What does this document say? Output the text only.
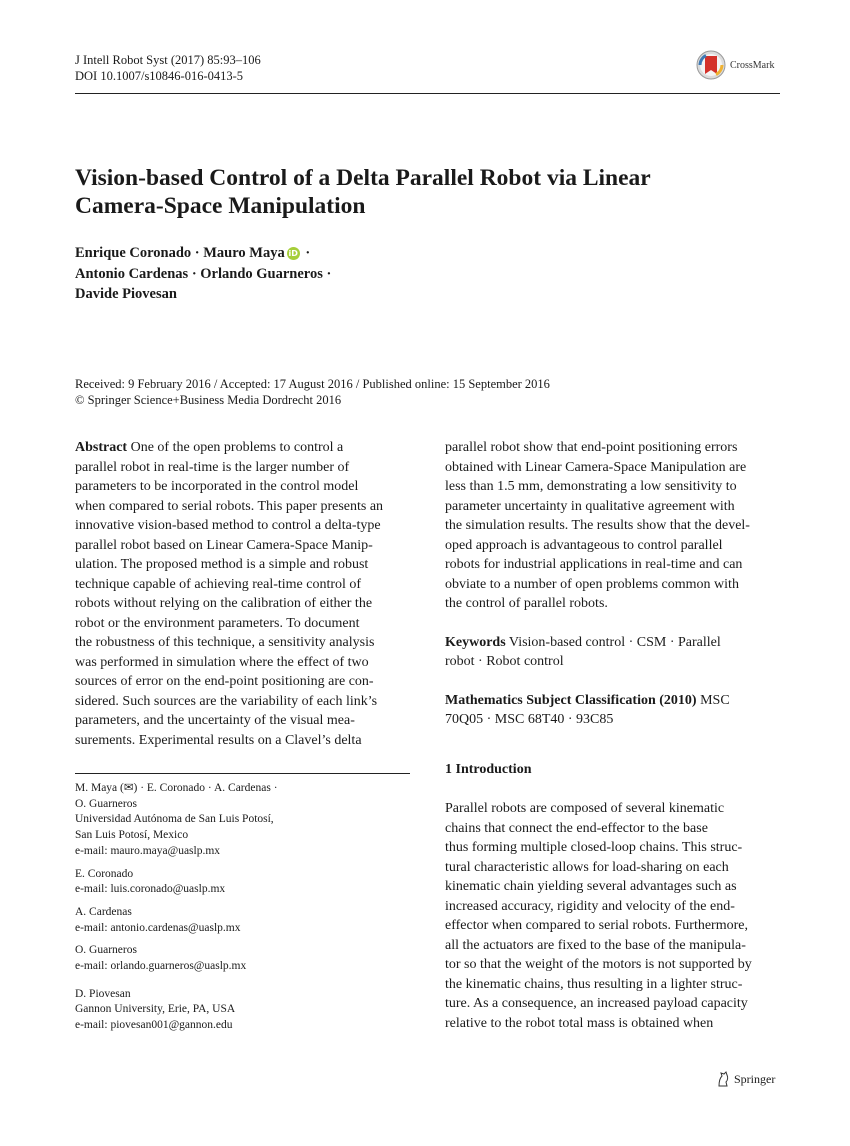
J Intell Robot Syst (2017) 85:93–106
DOI 10.1007/s10846-016-0413-5
CrossMark
Vision-based Control of a Delta Parallel Robot via Linear
Camera-Space Manipulation
Enrique Coronado · Mauro Maya iD ·
Antonio Cardenas · Orlando Guarneros ·
Davide Piovesan
Received: 9 February 2016 / Accepted: 17 August 2016 / Published online: 15 September 2016
© Springer Science+Business Media Dordrecht 2016
Abstract One of the open problems to control a
parallel robot in real-time is the larger number of
parameters to be incorporated in the control model
when compared to serial robots. This paper presents an
innovative vision-based method to control a delta-type
parallel robot based on Linear Camera-Space Manip-
ulation. The proposed method is a simple and robust
technique capable of achieving real-time control of
robots without relying on the calibration of either the
robot or the environment parameters. To document
the robustness of this technique, a sensitivity analysis
was performed in simulation where the effect of two
sources of error on the end-point positioning are con-
sidered. Such sources are the variability of each link’s
parameters, and the uncertainty of the visual mea-
surements. Experimental results on a Clavel’s delta
M. Maya (✉) · E. Coronado · A. Cardenas ·
O. Guarneros
Universidad Autónoma de San Luis Potosí,
San Luis Potosí, Mexico
e-mail: mauro.maya@uaslp.mx
E. Coronado
e-mail: luis.coronado@uaslp.mx
A. Cardenas
e-mail: antonio.cardenas@uaslp.mx
O. Guarneros
e-mail: orlando.guarneros@uaslp.mx
D. Piovesan
Gannon University, Erie, PA, USA
e-mail: piovesan001@gannon.edu
parallel robot show that end-point positioning errors
obtained with Linear Camera-Space Manipulation are
less than 1.5 mm, demonstrating a low sensitivity to
parameter uncertainty in qualitative agreement with
the simulation results. The results show that the devel-
oped approach is advantageous to control parallel
robots for industrial applications in real-time and can
obviate to a number of open problems common with
the control of parallel robots.
Keywords Vision-based control · CSM · Parallel
robot · Robot control
Mathematics Subject Classification (2010) MSC
70Q05 · MSC 68T40 · 93C85
1 Introduction
Parallel robots are composed of several kinematic
chains that connect the end-effector to the base
thus forming multiple closed-loop chains. This struc-
tural characteristic allows for load-sharing on each
kinematic chain yielding several advantages such as
increased accuracy, rigidity and velocity of the end-
effector when compared to serial robots. Furthermore,
all the actuators are fixed to the base of the manipula-
tor so that the weight of the motors is not supported by
the kinematic chains, thus resulting in a lighter struc-
ture. As a consequence, an increased payload capacity
relative to the robot total mass is obtained when
Springer
